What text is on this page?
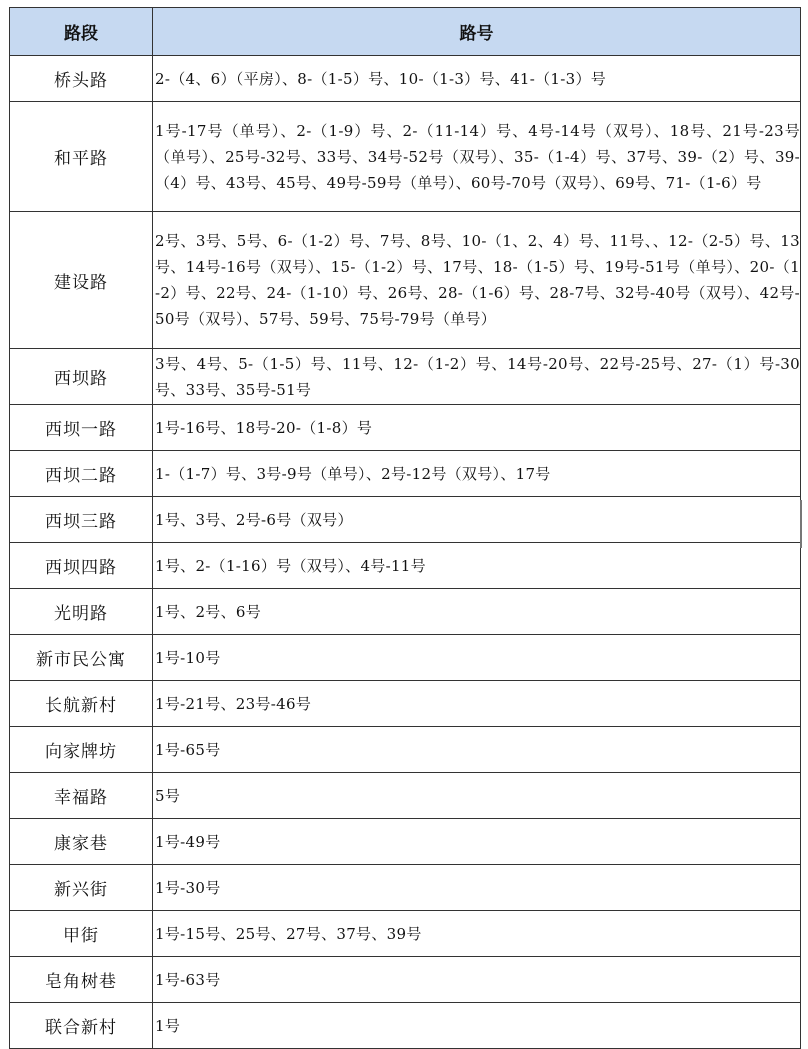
路段	路号
桥头路	2-（4、6）（平房）、8-（1-5）号、10-（1-3）号、41-（1-3）号
和平路	1号-17号（单号）、2-（1-9）号、2-（11-14）号、4号-14号（双号）、18号、21号-23号（单号）、25号-32号、33号、34号-52号（双号）、35-（1-4）号、37号、39-（2）号、39-（4）号、43号、45号、49号-59号（单号）、60号-70号（双号）、69号、71-（1-6）号
建设路	2号、3号、5号、6-（1-2）号、7号、8号、10-（1、2、4）号、11号、、12-（2-5）号、13号、14号-16号（双号）、15-（1-2）号、17号、18-（1-5）号、19号-51号（单号）、20-（1-2）号、22号、24-（1-10）号、26号、28-（1-6）号、28-7号、32号-40号（双号）、42号-50号（双号）、57号、59号、75号-79号（单号）
西坝路	3号、4号、5-（1-5）号、11号、12-（1-2）号、14号-20号、22号-25号、27-（1）号-30号、33号、35号-51号
西坝一路	1号-16号、18号-20-（1-8）号
西坝二路	1-（1-7）号、3号-9号（单号）、2号-12号（双号）、17号
西坝三路	1号、3号、2号-6号（双号）
西坝四路	1号、2-（1-16）号（双号）、4号-11号
光明路	1号、2号、6号
新市民公寓	1号-10号
长航新村	1号-21号、23号-46号
向家牌坊	1号-65号
幸福路	5号
康家巷	1号-49号
新兴街	1号-30号
甲街	1号-15号、25号、27号、37号、39号
皂角树巷	1号-63号
联合新村	1号
